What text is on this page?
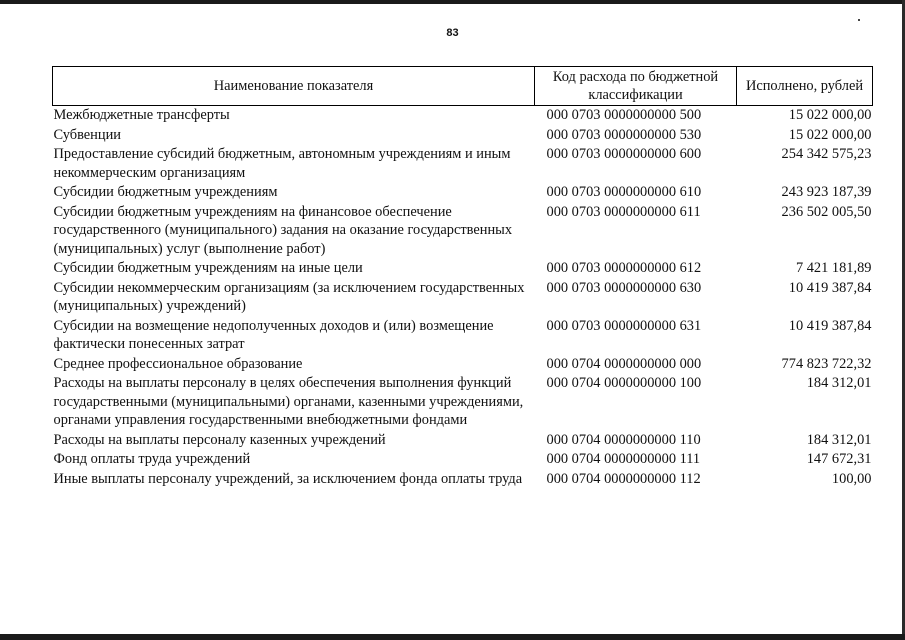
83
Наименование показателя	Код расхода по бюджетной классификации	Исполнено, рублей
Межбюджетные трансферты	000 0703 0000000000 500	15 022 000,00
Субвенции	000 0703 0000000000 530	15 022 000,00
Предоставление субсидий бюджетным, автономным учреждениям и иным некоммерческим организациям	000 0703 0000000000 600	254 342 575,23
Субсидии бюджетным учреждениям	000 0703 0000000000 610	243 923 187,39
Субсидии бюджетным учреждениям на финансовое обеспечение государственного (муниципального) задания на оказание государственных (муниципальных) услуг (выполнение работ)	000 0703 0000000000 611	236 502 005,50
Субсидии бюджетным учреждениям на иные цели	000 0703 0000000000 612	7 421 181,89
Субсидии некоммерческим организациям (за исключением государственных (муниципальных) учреждений)	000 0703 0000000000 630	10 419 387,84
Субсидии на возмещение недополученных доходов и (или) возмещение фактически понесенных затрат	000 0703 0000000000 631	10 419 387,84
Среднее профессиональное образование	000 0704 0000000000 000	774 823 722,32
Расходы на выплаты персоналу в целях обеспечения выполнения функций государственными (муниципальными) органами, казенными учреждениями, органами управления государственными внебюджетными фондами	000 0704 0000000000 100	184 312,01
Расходы на выплаты персоналу казенных учреждений	000 0704 0000000000 110	184 312,01
Фонд оплаты труда учреждений	000 0704 0000000000 111	147 672,31
Иные выплаты персоналу учреждений, за исключением фонда оплаты труда	000 0704 0000000000 112	100,00
